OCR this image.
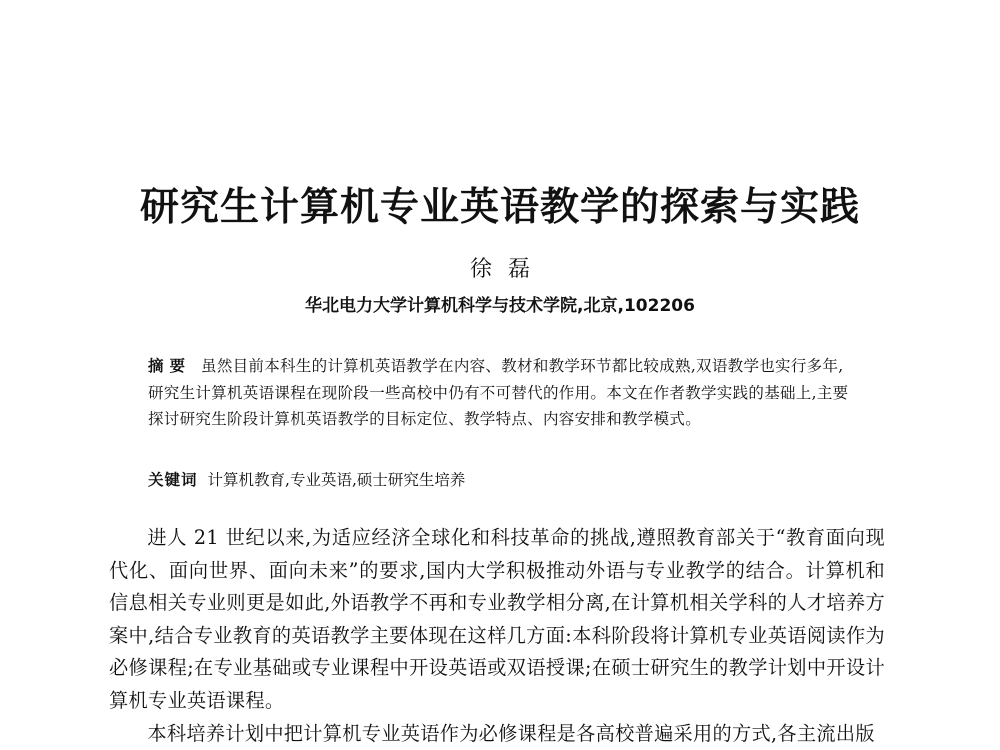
研究生计算机专业英语教学的探索与实践
徐磊
华北电力大学计算机科学与技术学院,北京,102206
摘要 虽然目前本科生的计算机英语教学在内容、教材和教学环节都比较成熟,双语教学也实行多年,研究生计算机英语课程在现阶段一些高校中仍有不可替代的作用。本文在作者教学实践的基础上,主要探讨研究生阶段计算机英语教学的目标定位、教学特点、内容安排和教学模式。
关键词 计算机教育,专业英语,硕士研究生培养

进人 21 世纪以来,为适应经济全球化和科技革命的挑战,遵照教育部关于“教育面向现代化、面向世界、面向未来”的要求,国内大学积极推动外语与专业教学的结合。计算机和信息相关专业则更是如此,外语教学不再和专业教学相分离,在计算机相关学科的人才培养方案中,结合专业教育的英语教学主要体现在这样几方面:本科阶段将计算机专业英语阅读作为必修课程;在专业基础或专业课程中开设英语或双语授课;在硕士研究生的教学计划中开设计算机专业英语课程。

本科培养计划中把计算机专业英语作为必修课程是各高校普遍采用的方式,各主流出版
